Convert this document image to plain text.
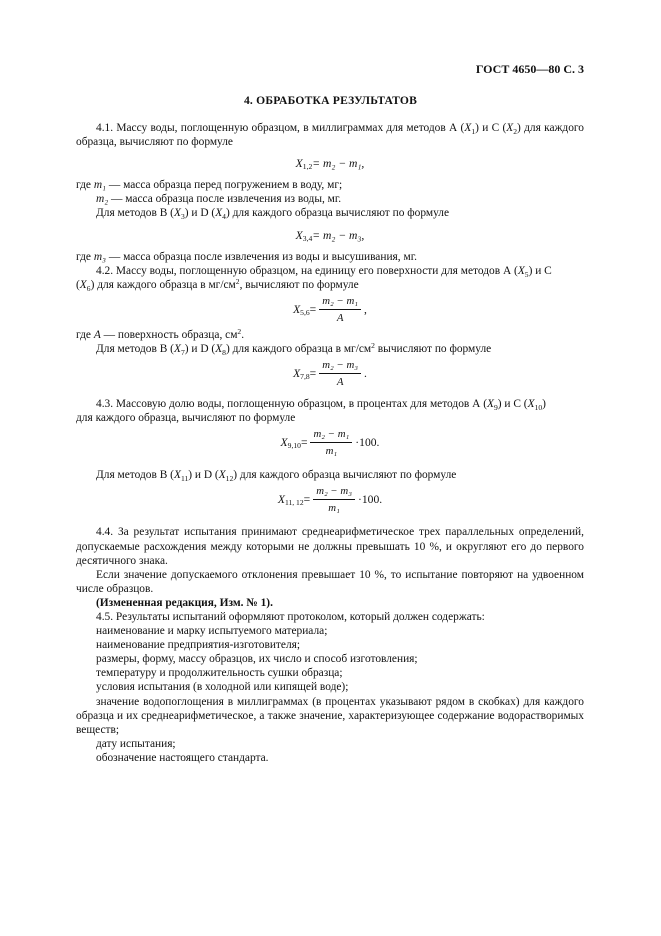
ГОСТ 4650—80 С. 3
4. ОБРАБОТКА РЕЗУЛЬТАТОВ

4.1. Массу воды, поглощенную образцом, в миллиграммах для методов А $(X_1)$ и С $(X_2)$ для каждого образца, вычисляют по формуле

X 1,2 = m₂ − m₁,

где m₁ — масса образца перед погружением в воду, мг;

m₂ — масса образца после извлечения из воды, мг.

Для методов В $(X_3)$ и D $(X_4)$ для каждого образца вычисляют по формуле

X 3,4 = m₂ − m₃,

где m₃ — масса образца после извлечения из воды и высушивания, мг.

4.2. Массу воды, поглощенную образцом, на единицу его поверхности для методов А $(X_5)$ и С

$(X_6)$ для каждого образца в $мг/см^2$, вычисляют по формуле

X $5,6 = \frac{\text{m₂ − m₁}}{A}$ ,

где A — поверхность образца, $см^2$.

Для методов В $(X_7)$ и D $(X_8)$ для каждого образца в $мг/см^2$ вычисляют по формуле

X $7,8 = \frac{\text{m₂ − m₃}}{A}$ .

4.3. Массовую долю воды, поглощенную образцом, в процентах для методов А $(X_9)$ и С $(X_{10})$

для каждого образца, вычисляют по формуле

X $9,10 = \frac{\text{m₂ − m₁}}{\text{m₁}} \cdot 100$.

Для методов В $(X_{11})$ и D $(X_{12})$ для каждого образца вычисляют по формуле

X 11, $12 = \frac{\text{m₂ − m₃}}{\text{m₁}} \cdot 100$.

4.4. За результат испытания принимают среднеарифметическое трех параллельных определений, допускаемые расхождения между которыми не должны превышать 10 %, и округляют его до первого десятичного знака.

Если значение допускаемого отклонения превышает 10 %, то испытание повторяют на удвоенном числе образцов.

(Измененная редакция, Изм. № 1).

4.5. Результаты испытаний оформляют протоколом, который должен содержать:

наименование и марку испытуемого материала;

наименование предприятия-изготовителя;

размеры, форму, массу образцов, их число и способ изготовления;

температуру и продолжительность сушки образца;

условия испытания (в холодной или кипящей воде);

значение водопоглощения в миллиграммах (в процентах указывают рядом в скобках) для каждого образца и их среднеарифметическое, а также значение, характеризующее содержание водорастворимых веществ;

дату испытания;

обозначение настоящего стандарта.
